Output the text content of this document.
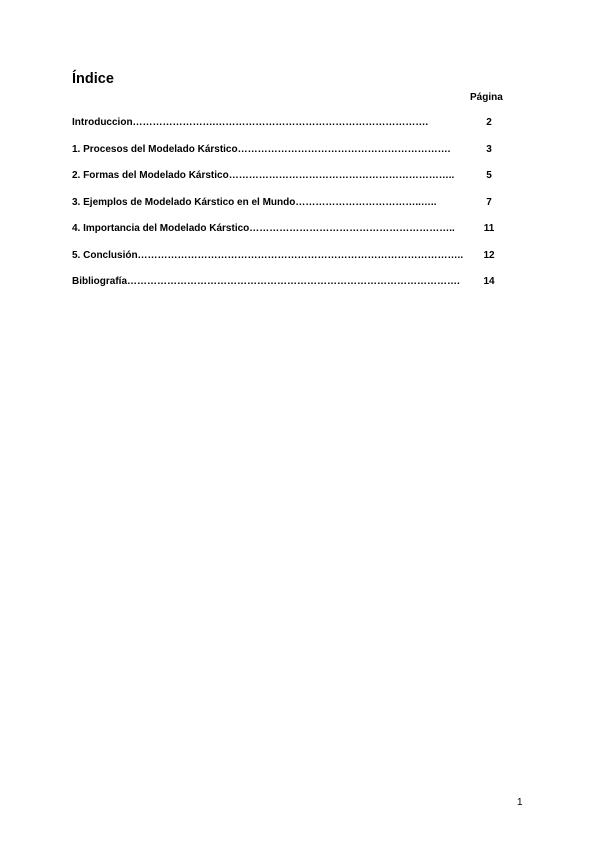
Índice
Página
Introduccion…………………….……………………………………………………….	2
1. Procesos del Modelado Kárstico……………………………………………………….	3
2. Formas del Modelado Kárstico…………………………………………………………..	5
3. Ejemplos de Modelado Kárstico en el Mundo………………………………..…..	7
4. Importancia del Modelado Kárstico……………………………………………………..	11
5. Conclusión……………………………………………………………………………………..	12
Bibliografía……………………………………………………………………………………….	14
1
